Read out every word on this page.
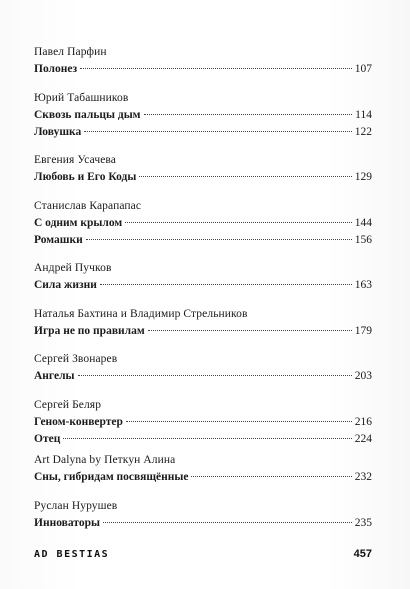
Павел Парфин
Полонез	107
Юрий Табашников
Сквозь пальцы дым	114
Ловушка	122
Евгения Усачева
Любовь и Его Коды	129
Станислав Карапапас
С одним крылом	144
Ромашки	156
Андрей Пучков
Сила жизни	163
Наталья Бахтина и Владимир Стрельников
Игра не по правилам	179
Сергей Звонарев
Ангелы	203
Сергей Беляр
Геном-конвертер	216
Отец	224
Art Dalyna by Петкун Алина
Сны, гибридам посвящённые	232
Руслан Нурушев
Инноваторы	235
AD BESTIAS	457
